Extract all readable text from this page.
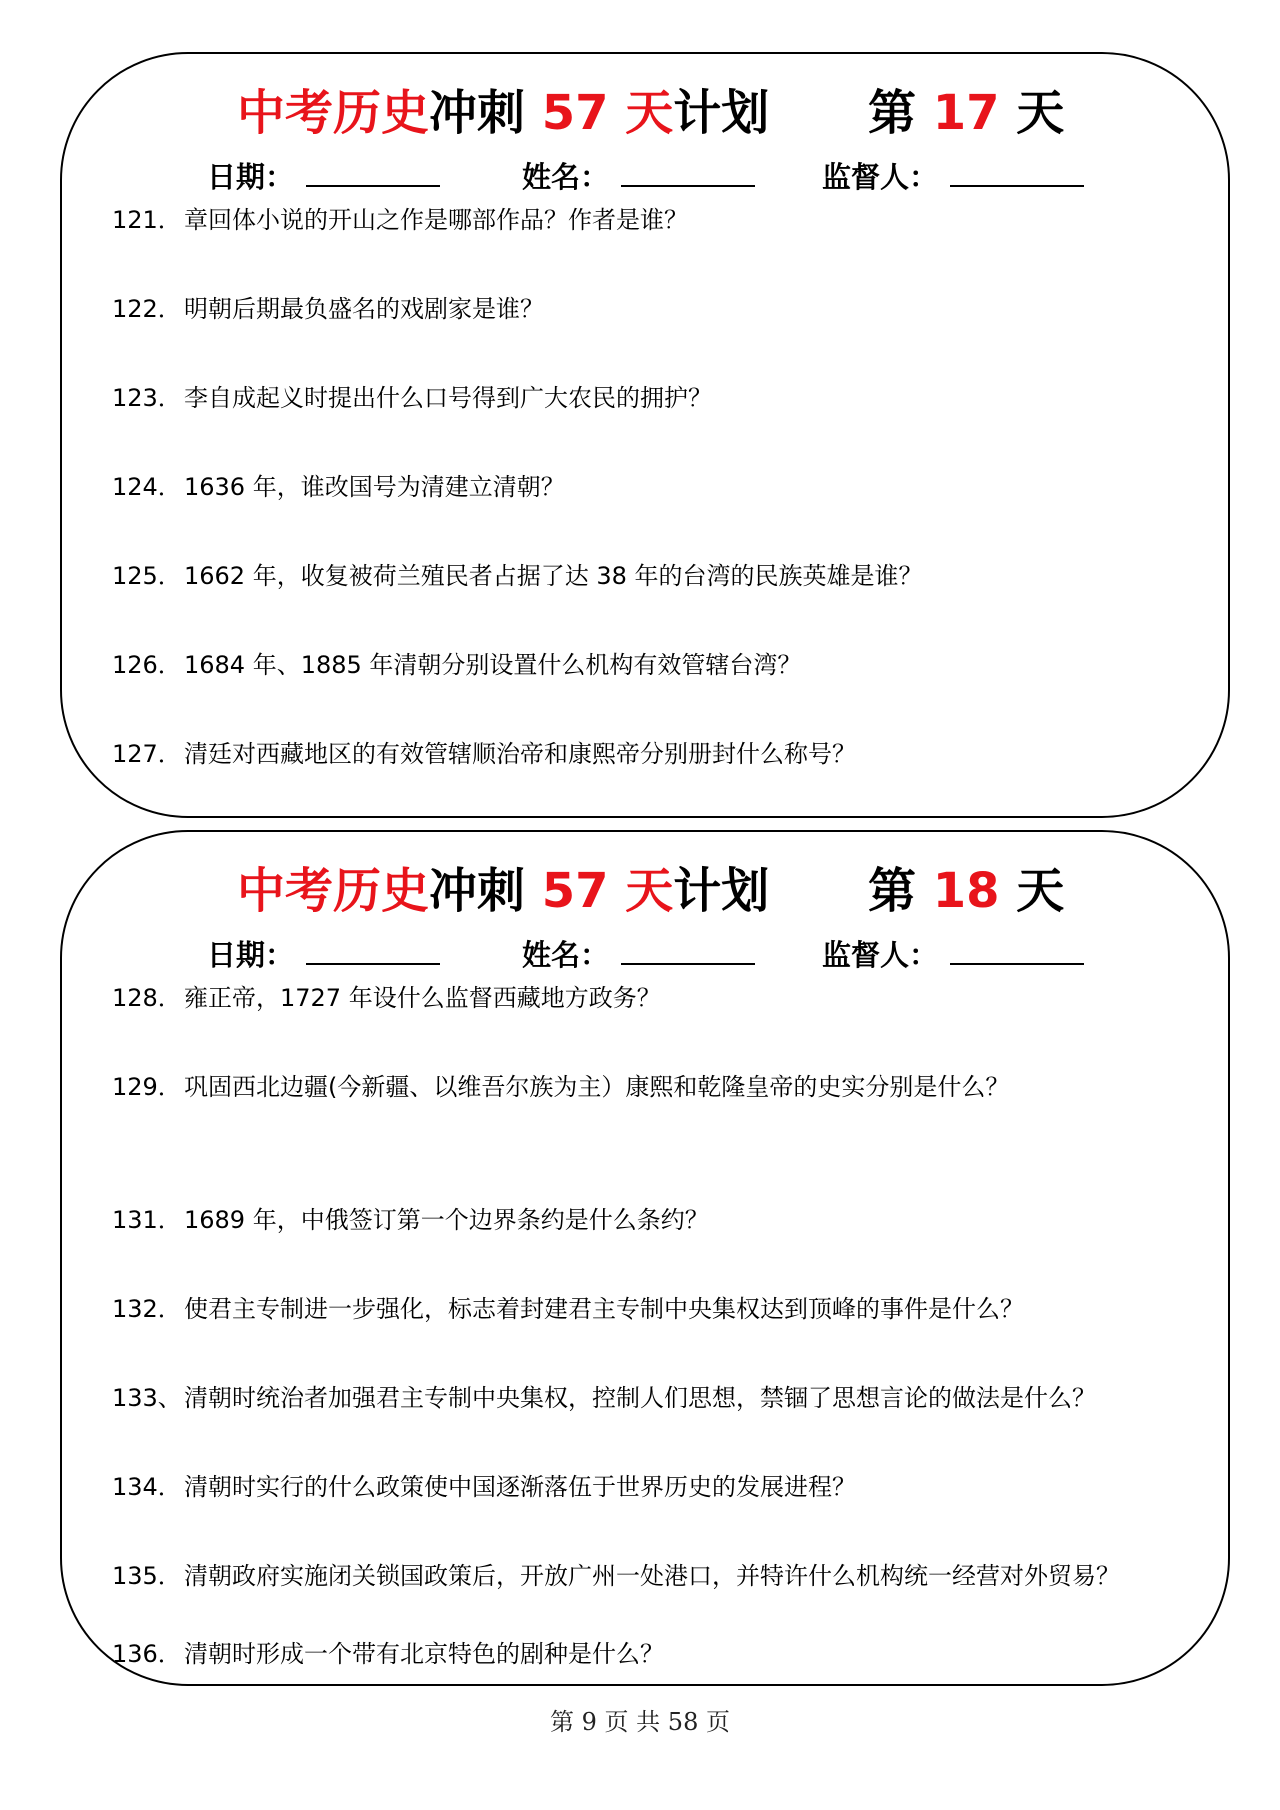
中考历史冲刺 57 天计划 第 17 天
日期：	姓名：	监督人：
121．章回体小说的开山之作是哪部作品？作者是谁？
122．明朝后期最负盛名的戏剧家是谁？
123．李自成起义时提出什么口号得到广大农民的拥护？
124．1636 年，谁改国号为清建立清朝？
125．1662 年，收复被荷兰殖民者占据了达 38 年的台湾的民族英雄是谁？
126．1684 年、1885 年清朝分别设置什么机构有效管辖台湾？
127．清廷对西藏地区的有效管辖顺治帝和康熙帝分别册封什么称号？
中考历史冲刺 57 天计划 第 18 天
日期：	姓名：	监督人：
128．雍正帝，1727 年设什么监督西藏地方政务？
129．巩固西北边疆(今新疆、以维吾尔族为主）康熙和乾隆皇帝的史实分别是什么？
131．1689 年，中俄签订第一个边界条约是什么条约？
132．使君主专制进一步强化，标志着封建君主专制中央集权达到顶峰的事件是什么？
133、清朝时统治者加强君主专制中央集权，控制人们思想，禁锢了思想言论的做法是什么？
134．清朝时实行的什么政策使中国逐渐落伍于世界历史的发展进程？
135．清朝政府实施闭关锁国政策后，开放广州一处港口，并特许什么机构统一经营对外贸易？
136．清朝时形成一个带有北京特色的剧种是什么？
第 9 页 共 58 页
